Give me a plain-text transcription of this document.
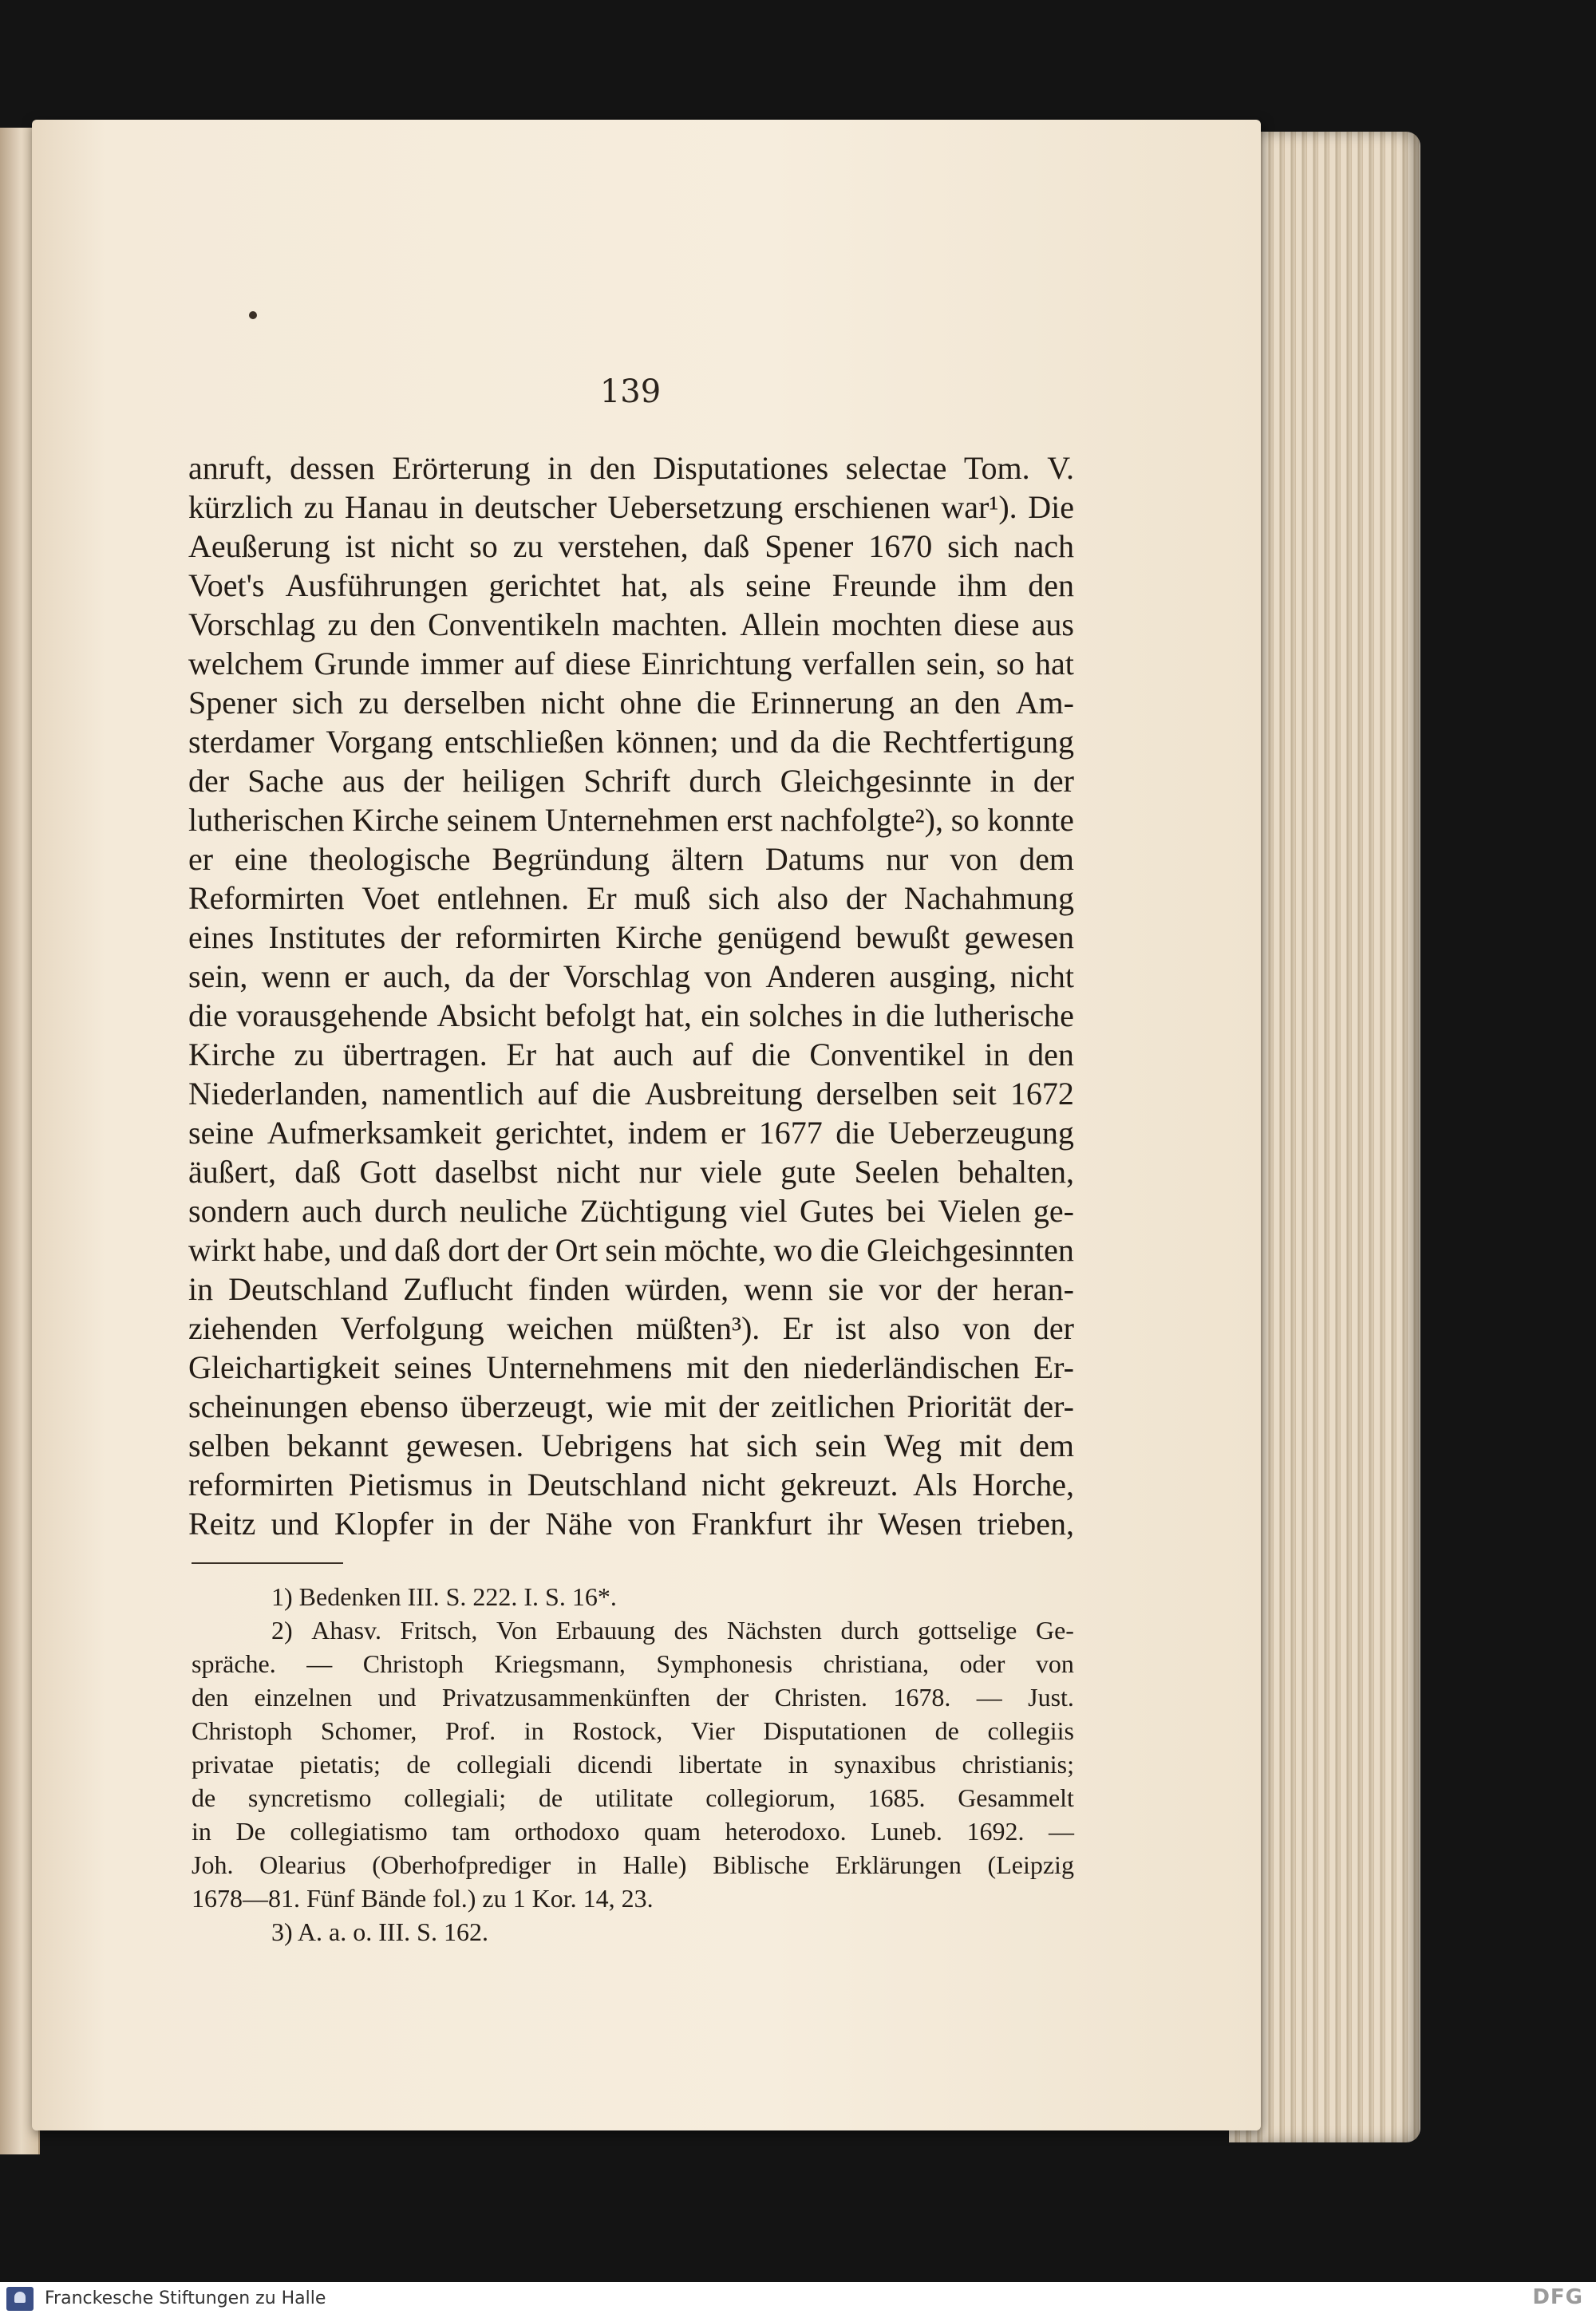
139
anruft, dessen Erörterung in den Disputationes selectae Tom. V.
kürzlich zu Hanau in deutscher Uebersetzung erschienen war¹). Die
Aeußerung ist nicht so zu verstehen, daß Spener 1670 sich nach
Voet's Ausführungen gerichtet hat, als seine Freunde ihm den
Vorschlag zu den Conventikeln machten. Allein mochten diese aus
welchem Grunde immer auf diese Einrichtung verfallen sein, so hat
Spener sich zu derselben nicht ohne die Erinnerung an den Am-
sterdamer Vorgang entschließen können; und da die Rechtfertigung
der Sache aus der heiligen Schrift durch Gleichgesinnte in der
lutherischen Kirche seinem Unternehmen erst nachfolgte²), so konnte
er eine theologische Begründung ältern Datums nur von dem
Reformirten Voet entlehnen. Er muß sich also der Nachahmung
eines Institutes der reformirten Kirche genügend bewußt gewesen
sein, wenn er auch, da der Vorschlag von Anderen ausging, nicht
die vorausgehende Absicht befolgt hat, ein solches in die lutherische
Kirche zu übertragen. Er hat auch auf die Conventikel in den
Niederlanden, namentlich auf die Ausbreitung derselben seit 1672
seine Aufmerksamkeit gerichtet, indem er 1677 die Ueberzeugung
äußert, daß Gott daselbst nicht nur viele gute Seelen behalten,
sondern auch durch neuliche Züchtigung viel Gutes bei Vielen ge-
wirkt habe, und daß dort der Ort sein möchte, wo die Gleichgesinnten
in Deutschland Zuflucht finden würden, wenn sie vor der heran-
ziehenden Verfolgung weichen müßten³). Er ist also von der
Gleichartigkeit seines Unternehmens mit den niederländischen Er-
scheinungen ebenso überzeugt, wie mit der zeitlichen Priorität der-
selben bekannt gewesen. Uebrigens hat sich sein Weg mit dem
reformirten Pietismus in Deutschland nicht gekreuzt. Als Horche,
Reitz und Klopfer in der Nähe von Frankfurt ihr Wesen trieben,
1) Bedenken III. S. 222. I. S. 16*.
2) Ahasv. Fritsch, Von Erbauung des Nächsten durch gottselige Ge-
spräche. — Christoph Kriegsmann, Symphonesis christiana, oder von
den einzelnen und Privatzusammenkünften der Christen. 1678. — Just.
Christoph Schomer, Prof. in Rostock, Vier Disputationen de collegiis
privatae pietatis; de collegiali dicendi libertate in synaxibus christianis;
de syncretismo collegiali; de utilitate collegiorum, 1685. Gesammelt
in De collegiatismo tam orthodoxo quam heterodoxo. Luneb. 1692. —
Joh. Olearius (Oberhofprediger in Halle) Biblische Erklärungen (Leipzig
1678—81. Fünf Bände fol.) zu 1 Kor. 14, 23.
3) A. a. o. III. S. 162.
Franckesche Stiftungen zu Halle	DFG
